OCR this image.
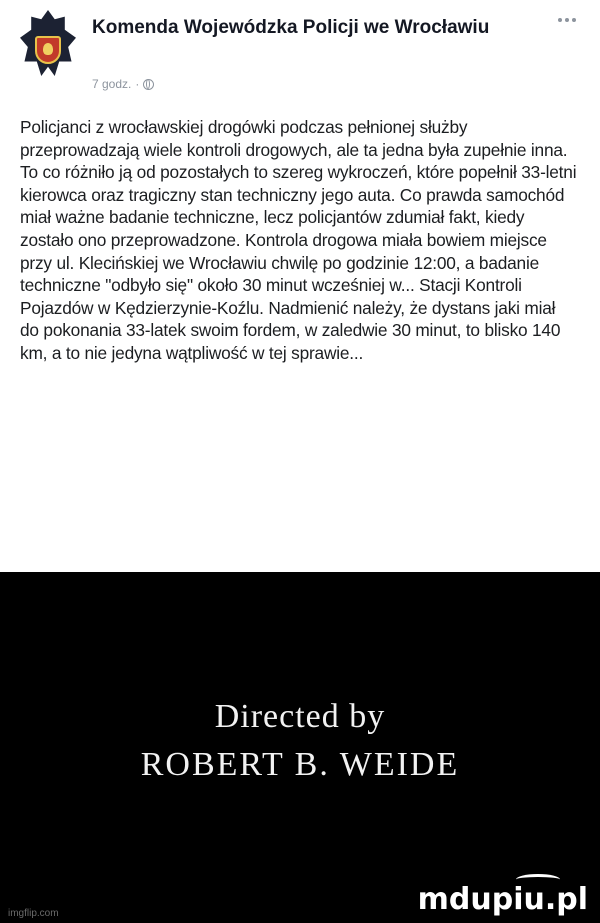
Komenda Wojewódzka Policji we Wrocławiu
7 godz. ·

Policjanci z wrocławskiej drogówki podczas pełnionej służby przeprowadzają wiele kontroli drogowych, ale ta jedna była zupełnie inna. To co różniło ją od pozostałych to szereg wykroczeń, które popełnił 33-letni kierowca oraz tragiczny stan techniczny jego auta. Co prawda samochód miał ważne badanie techniczne, lecz policjantów zdumiał fakt, kiedy zostało ono przeprowadzone. Kontrola drogowa miała bowiem miejsce przy ul. Klecińskiej we Wrocławiu chwilę po godzinie 12:00, a badanie techniczne "odbyło się" około 30 minut wcześniej w... Stacji Kontroli Pojazdów w Kędzierzynie-Koźlu. Nadmienić należy, że dystans jaki miał do pokonania 33-latek swoim fordem, w zaledwie 30 minut, to blisko 140 km, a to nie jedyna wątpliwość w tej sprawie...

Directed by
ROBERT B. WEIDE
imgflip.com	mdupiu.pl
